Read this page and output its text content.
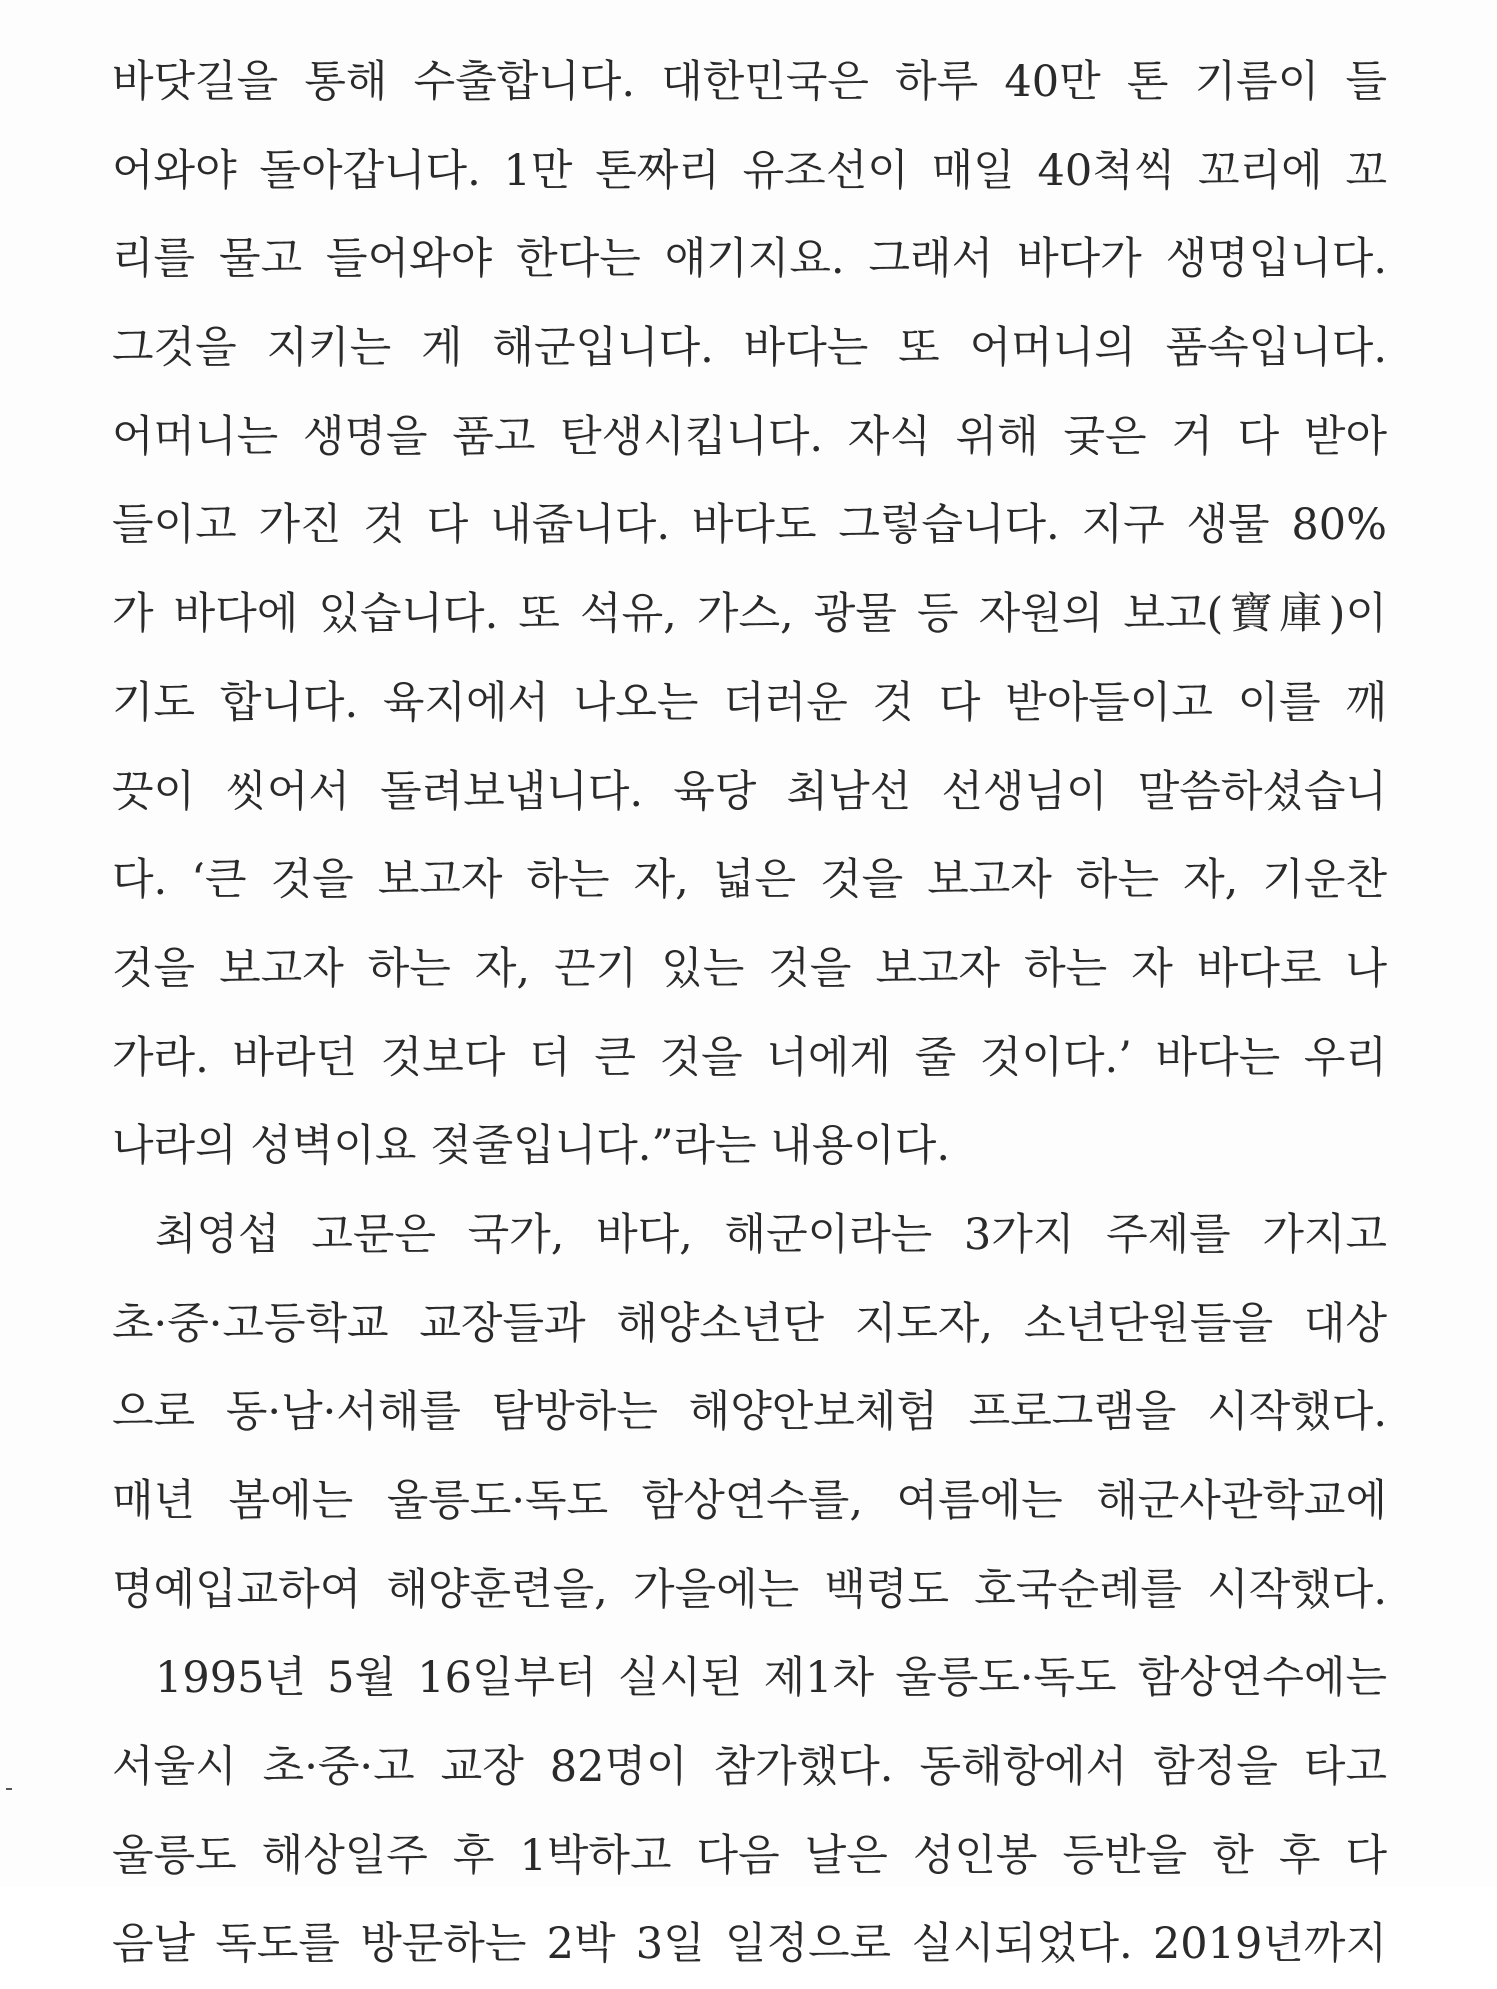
바닷길을 통해 수출합니다. 대한민국은 하루 40만 톤 기름이 들
어와야 돌아갑니다. 1만 톤짜리 유조선이 매일 40척씩 꼬리에 꼬
리를 물고 들어와야 한다는 얘기지요. 그래서 바다가 생명입니다.
그것을 지키는 게 해군입니다. 바다는 또 어머니의 품속입니다.
어머니는 생명을 품고 탄생시킵니다. 자식 위해 궂은 거 다 받아
들이고 가진 것 다 내줍니다. 바다도 그렇습니다. 지구 생물 80%
가 바다에 있습니다. 또 석유, 가스, 광물 등 자원의 보고(寶庫)이
기도 합니다. 육지에서 나오는 더러운 것 다 받아들이고 이를 깨
끗이 씻어서 돌려보냅니다. 육당 최남선 선생님이 말씀하셨습니
다. ‘큰 것을 보고자 하는 자, 넓은 것을 보고자 하는 자, 기운찬
것을 보고자 하는 자, 끈기 있는 것을 보고자 하는 자 바다로 나
가라. 바라던 것보다 더 큰 것을 너에게 줄 것이다.’ 바다는 우리
나라의 성벽이요 젖줄입니다.”라는 내용이다.
최영섭 고문은 국가, 바다, 해군이라는 3가지 주제를 가지고
초·중·고등학교 교장들과 해양소년단 지도자, 소년단원들을 대상
으로 동·남·서해를 탐방하는 해양안보체험 프로그램을 시작했다.
매년 봄에는 울릉도·독도 함상연수를, 여름에는 해군사관학교에
명예입교하여 해양훈련을, 가을에는 백령도 호국순례를 시작했다.
1995년 5월 16일부터 실시된 제1차 울릉도·독도 함상연수에는
서울시 초·중·고 교장 82명이 참가했다. 동해항에서 함정을 타고
울릉도 해상일주 후 1박하고 다음 날은 성인봉 등반을 한 후 다
음날 독도를 방문하는 2박 3일 일정으로 실시되었다. 2019년까지
